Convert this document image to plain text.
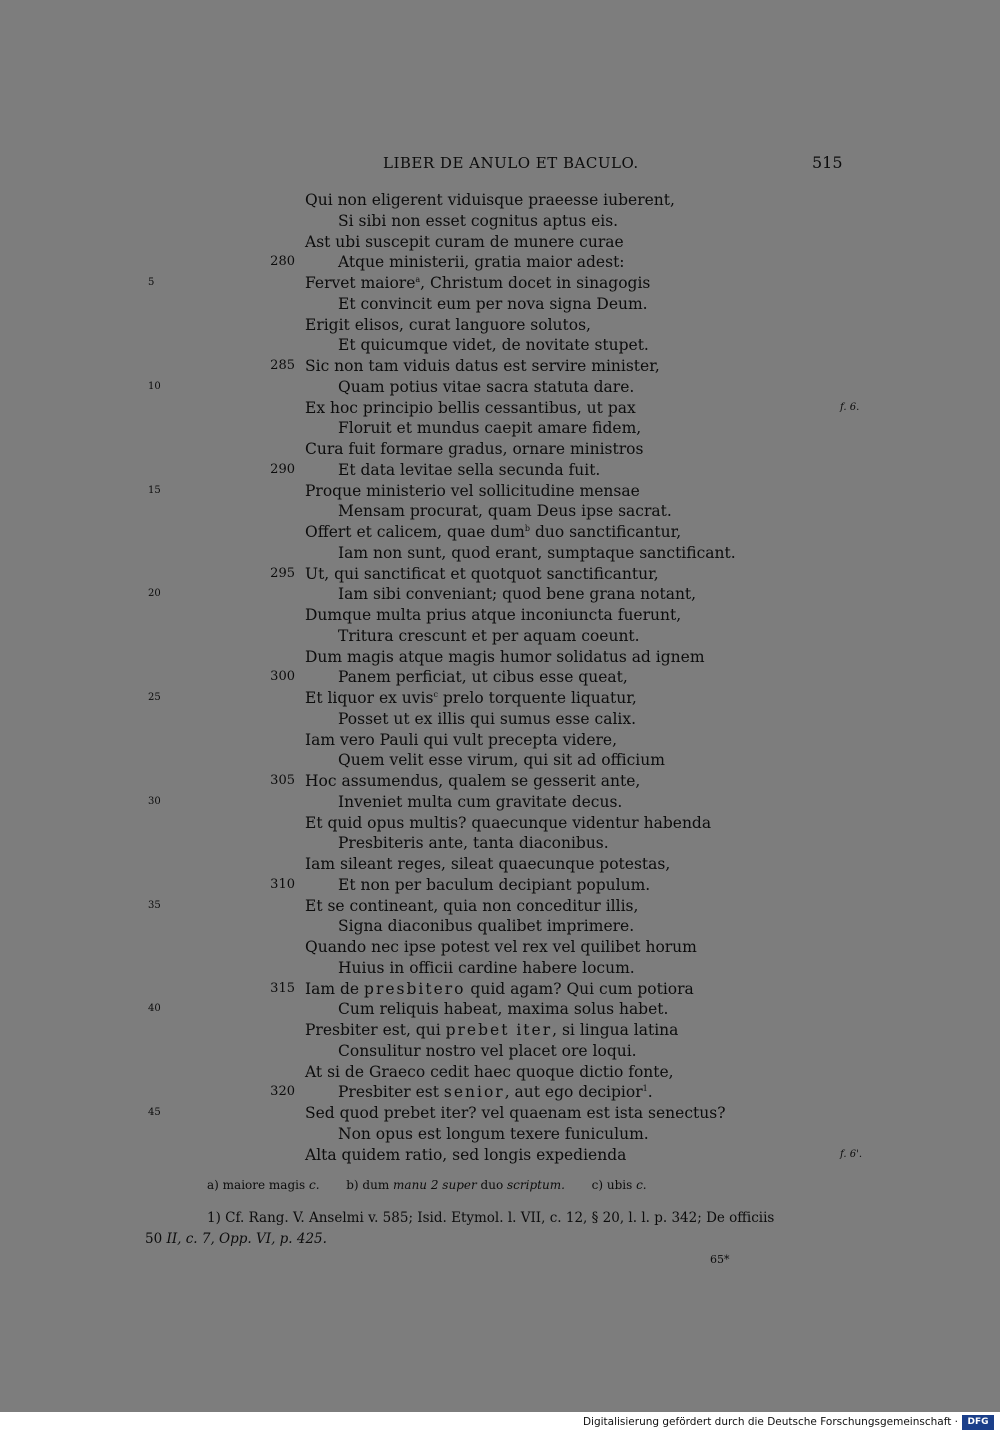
LIBER DE ANULO ET BACULO.	515
Qui non eligerent viduisque praeesse iuberent,
Si sibi non esset cognitus aptus eis.
Ast ubi suscepit curam de munere curae
Atque ministerii, gratia maior adest:
280
Fervet maiore$^a$, Christum docet in sinagogis
5
Et convincit eum per nova signa Deum.
Erigit elisos, curat languore solutos,
Et quicumque videt, de novitate stupet.
Sic non tam viduis datus est servire minister,
285
Quam potius vitae sacra statuta dare.
10
Ex hoc principio bellis cessantibus, ut pax	f. 6.
Floruit et mundus caepit amare fidem,
Cura fuit formare gradus, ornare ministros
Et data levitae sella secunda fuit.
290
Proque ministerio vel sollicitudine mensae
15
Mensam procurat, quam Deus ipse sacrat.
Offert et calicem, quae dum$^b$ duo sanctificantur,
Iam non sunt, quod erant, sumptaque sanctificant.
Ut, qui sanctificat et quotquot sanctificantur,
295
Iam sibi conveniant; quod bene grana notant,
20
Dumque multa prius atque inconiuncta fuerunt,
Tritura crescunt et per aquam coeunt.
Dum magis atque magis humor solidatus ad ignem
Panem perficiat, ut cibus esse queat,
300
Et liquor ex uvis$^c$ prelo torquente liquatur,
25
Posset ut ex illis qui sumus esse calix.
Iam vero Pauli qui vult precepta videre,
Quem velit esse virum, qui sit ad officium
Hoc assumendus, qualem se gesserit ante,
305
Inveniet multa cum gravitate decus.
30
Et quid opus multis? quaecunque videntur habenda
Presbiteris ante, tanta diaconibus.
Iam sileant reges, sileat quaecunque potestas,
Et non per baculum decipiant populum.
310
Et se contineant, quia non conceditur illis,
35
Signa diaconibus qualibet imprimere.
Quando nec ipse potest vel rex vel quilibet horum
Huius in officii cardine habere locum.
Iam de presbitero quid agam? Qui cum potiora
315
Cum reliquis habeat, maxima solus habet.
40
Presbiter est, qui prebet iter, si lingua latina
Consulitur nostro vel placet ore loqui.
At si de Graeco cedit haec quoque dictio fonte,
Presbiter est senior, aut ego decipior$^1$.
320
Sed quod prebet iter? vel quaenam est ista senectus?
45
Non opus est longum texere funiculum.
Alta quidem ratio, sed longis expedienda	f. 6'.
a) maiore magis c. b) dum manu 2 super duo scriptum. c) ubis c.
1) Cf. Rang. V. Anselmi v. 585; Isid. Etymol. l. VII, c. 12, § 20, l. l. p. 342; De officiis
50 II, c. 7, Opp. VI, p. 425.
65*
Digitalisierung gefördert durch die Deutsche Forschungsgemeinschaft ·	DFG
